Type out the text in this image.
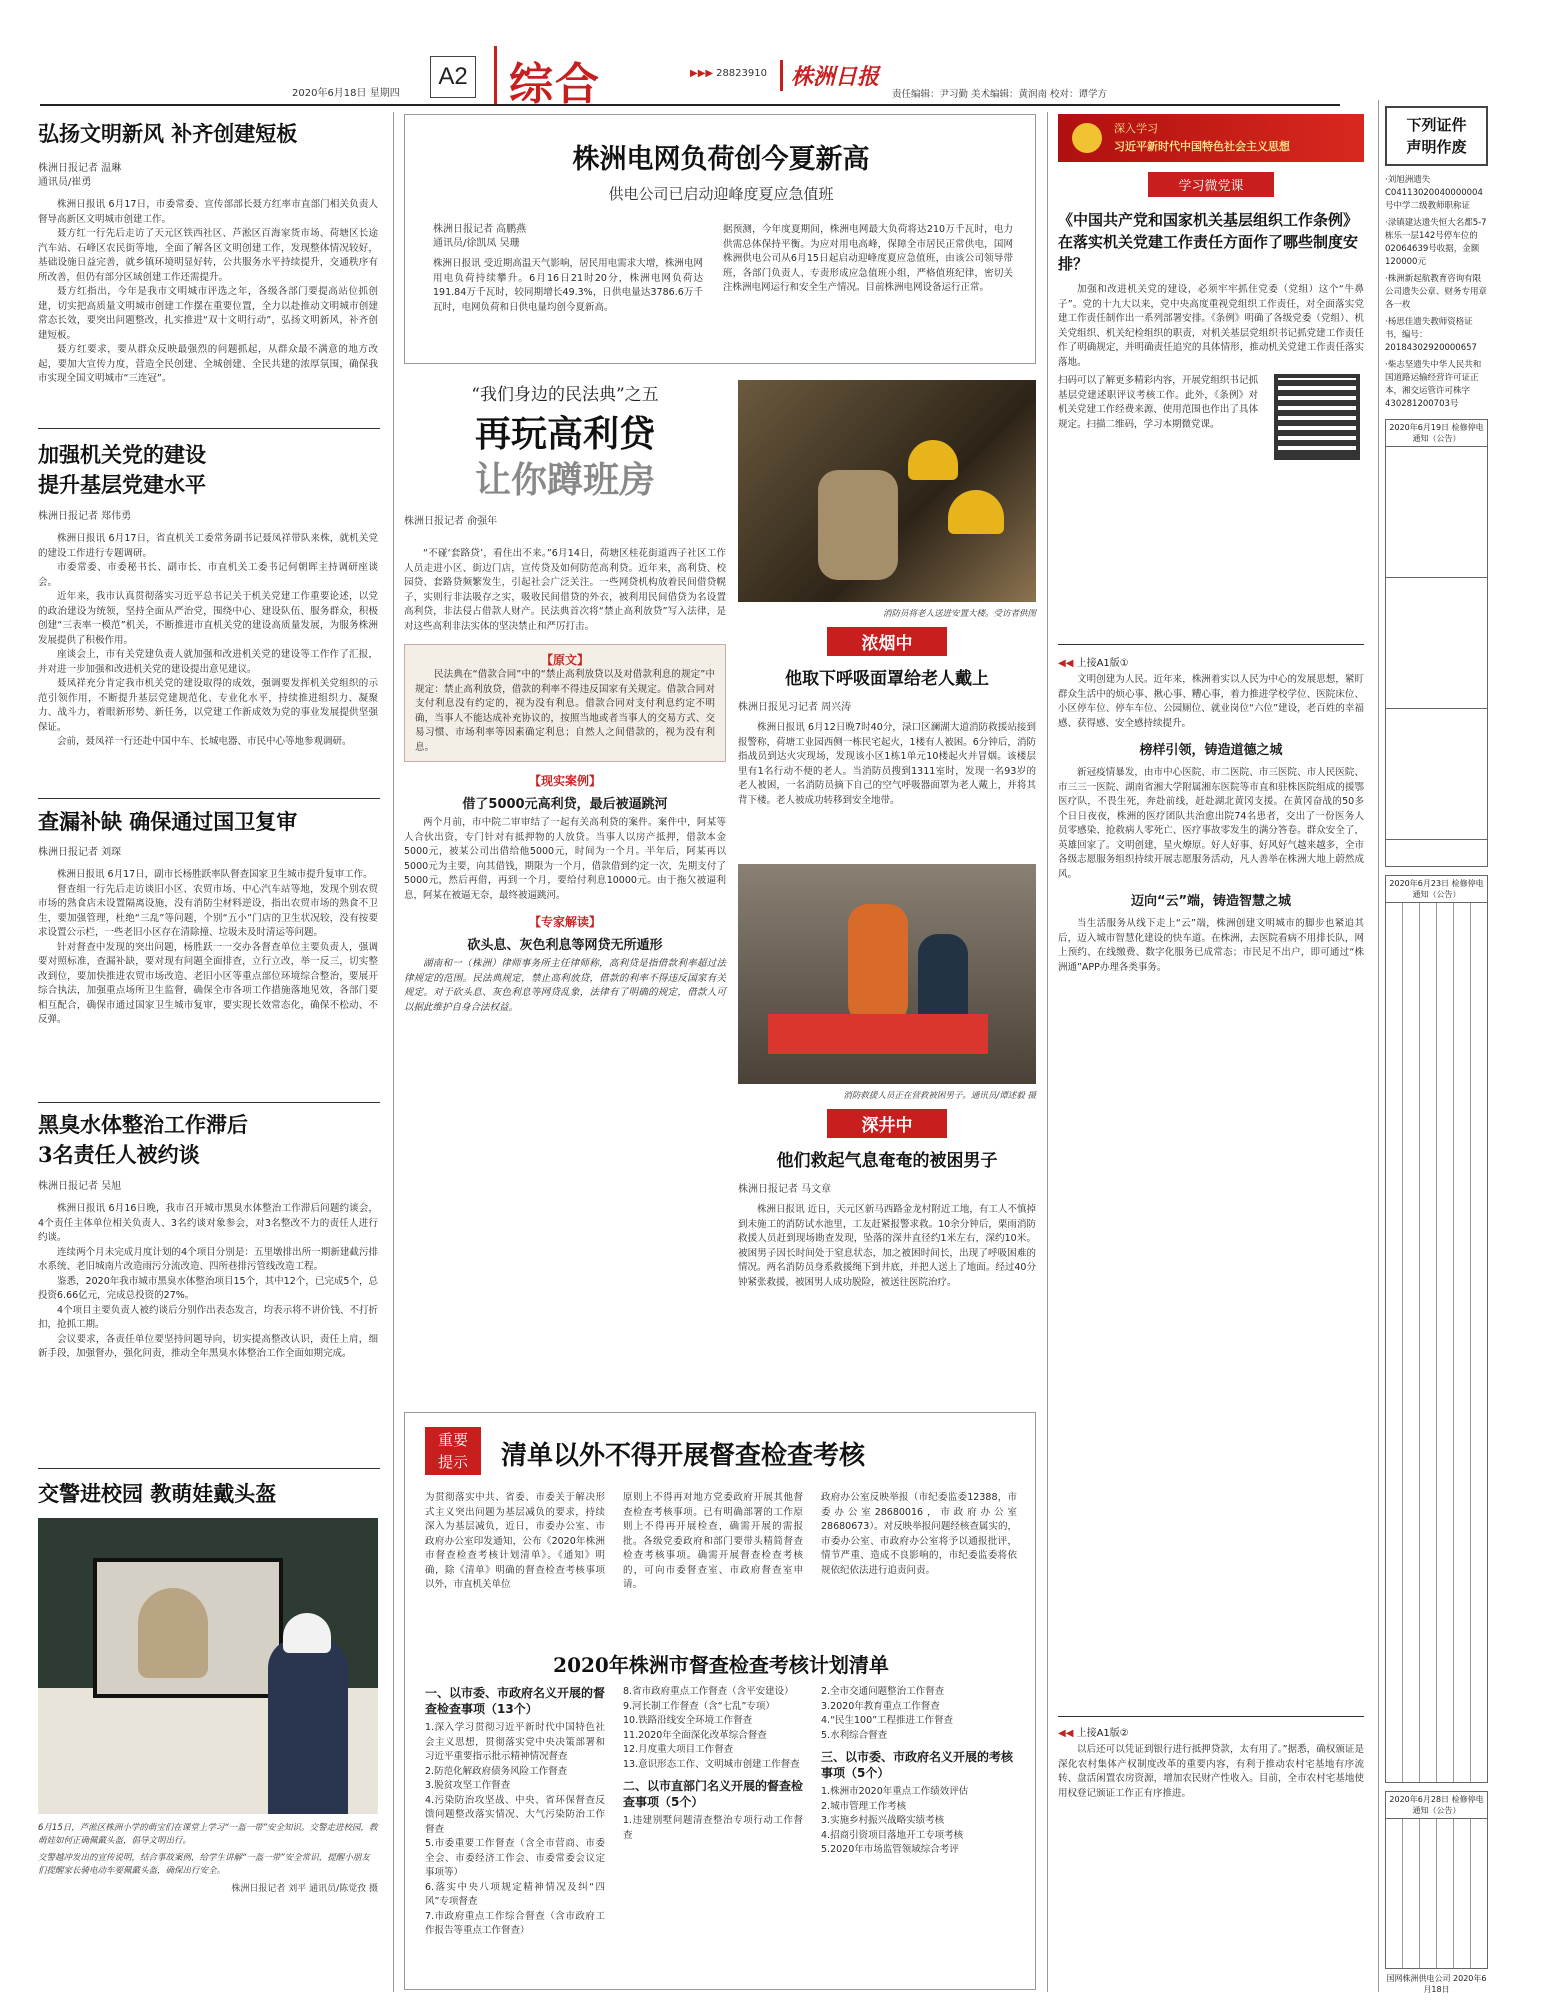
2020年6月18日 星期四
A2 综合	▶▶▶ 28823910	株洲日报
责任编辑：尹习勤 美术编辑：黄润南 校对：谭学方
弘扬文明新风 补齐创建短板
株洲日报记者 温琳
通讯员/崔勇

株洲日报讯 6月17日，市委常委、宣传部部长聂方红率市直部门相关负责人督导高新区文明城市创建工作。

聂方红一行先后走访了天元区铁西社区、芦淞区百海家货市场、荷塘区长途汽车站、石峰区农民街等地，全面了解各区文明创建工作，发现整体情况较好，基础设施日益完善，就乡镇环境明显好转，公共服务水平持续提升，交通秩序有所改善，但仍有部分区域创建工作还需提升。

聂方红指出，今年是我市文明城市评选之年，各级各部门要提高站位抓创建，切实把高质量文明城市创建工作摆在重要位置，全力以赴推动文明城市创建常态长效，要突出问题整改，扎实推进“双十文明行动”，弘扬文明新风，补齐创建短板。

聂方红要求，要从群众反映最强烈的问题抓起，从群众最不满意的地方改起，要加大宣传力度，营造全民创建、全城创建、全民共建的浓厚氛围，确保我市实现全国文明城市“三连冠”。

加强机关党的建设
提升基层党建水平
株洲日报记者 郑伟勇

株洲日报讯 6月17日，省直机关工委常务副书记聂凤祥带队来株，就机关党的建设工作进行专题调研。

市委常委、市委秘书长、副市长、市直机关工委书记何朝晖主持调研座谈会。

近年来，我市认真贯彻落实习近平总书记关于机关党建工作重要论述，以党的政治建设为统领，坚持全面从严治党，围绕中心、建设队伍、服务群众，积极创建“三表率一模范”机关，不断推进市直机关党的建设高质量发展，为服务株洲发展提供了积极作用。

座谈会上，市有关党建负责人就加强和改进机关党的建设等工作作了汇报，并对进一步加强和改进机关党的建设提出意见建议。

聂凤祥充分肯定我市机关党的建设取得的成效，强调要发挥机关党组织的示范引领作用，不断提升基层党建规范化、专业化水平，持续推进组织力、凝聚力、战斗力，着眼新形势、新任务，以党建工作新成效为党的事业发展提供坚强保证。

会前，聂凤祥一行还赴中国中车、长城电器、市民中心等地参观调研。

查漏补缺 确保通过国卫复审
株洲日报记者 刘琛

株洲日报讯 6月17日，副市长杨胜跃率队督查国家卫生城市提升复审工作。

督查组一行先后走访谈旧小区、农贸市场、中心汽车站等地，发现个别农贸市场的熟食店未设置隔离设施，没有消防尘材料逆设，指出农贸市场的熟食不卫生，要加强管理，杜绝“三乱”等问题，个别“五小”门店的卫生状况较，没有按要求设置公示栏，一些老旧小区存在清除撞、垃圾未及时清运等问题。

针对督查中发现的突出问题，杨胜跃一一交办各督查单位主要负责人，强调要对照标准，查漏补缺，要对现有问题全面排查，立行立改，举一反三，切实整改到位，要加快推进农贸市场改造、老旧小区等重点部位环境综合整治，要展开综合执法，加强重点场所卫生监督，确保全市各项工作措施落地见效，各部门要相互配合，确保市通过国家卫生城市复审，要实现长效常态化，确保不松动、不反弹。

黑臭水体整治工作滞后
3名责任人被约谈
株洲日报记者 吴旭

株洲日报讯 6月16日晚，我市召开城市黑臭水体整治工作滞后问题约谈会，4个责任主体单位相关负责人、3名约谈对象参会，对3名整改不力的责任人进行约谈。

连续两个月未完成月度计划的4个项目分别是：五里墩排出所一期新建截污排水系统、老旧城南片改造雨污分流改造、四所巷排污管线改造工程。

鉴悉，2020年我市城市黑臭水体整治项目15个，其中12个，已完成5个，总投资6.66亿元，完成总投资的27%。

4个项目主要负责人被约谈后分别作出表态发言，均表示将不讲价钱、不打折扣，抢抓工期。

会议要求，各责任单位要坚持问题导向，切实提高整改认识，责任上肩，细新手段，加强督办，强化问责，推动全年黑臭水体整治工作全面如期完成。

交警进校园 教萌娃戴头盔
6月15日，芦淞区株洲小学的萌宝们在课堂上学习“一盔一带”安全知识。交警走进校园，教萌娃如何正确佩戴头盔，倡导文明出行。
交警越冲发出的宣传说明，结合事故案例，给学生讲解“一盔一带”安全常识，提醒小朋友们提醒家长骑电动车要佩戴头盔，确保出行安全。
株洲日报记者 刘平 通讯员/陈觉孜 摄
株洲电网负荷创今夏新高
供电公司已启动迎峰度夏应急值班
株洲日报记者 高鹏燕
通讯员/徐凯凤 吴珊
株洲日报讯 受近期高温天气影响，居民用电需求大增，株洲电网用电负荷持续攀升。6月16日21时20分，株洲电网负荷达191.84万千瓦时，较同期增长49.3%，日供电量达3786.6万千瓦时，电网负荷和日供电量均创今夏新高。
据预测，今年度夏期间，株洲电网最大负荷将达210万千瓦时，电力供需总体保持平衡。为应对用电高峰，保障全市居民正常供电，国网株洲供电公司从6月15日起启动迎峰度夏应急值班，由该公司领导带班，各部门负责人、专责形成应急值班小组，严格值班纪律，密切关注株洲电网运行和安全生产情况。目前株洲电网设备运行正常。
“我们身边的民法典”之五
再玩高利贷
让你蹲班房
株洲日报记者 俞强年

“不碰‘套路贷’，看住出不来。”6月14日，荷塘区桂花街道西子社区工作人员走进小区、街边门店，宣传贷及如何防范高利贷。近年来，高利贷、校园贷、套路贷频繁发生，引起社会广泛关注。一些网贷机构放着民间借贷幌子，实则行非法吸存之实，吸收民间借贷的外衣，被利用民间借贷为名设置高利贷，非法侵占借款人财产。民法典首次将“禁止高利放贷”写入法律，是对这些高利非法实体的坚决禁止和严厉打击。

【原文】

民法典在“借款合同”中的“禁止高利放贷以及对借款利息的规定”中规定：禁止高利放贷，借款的利率不得违反国家有关规定。借款合同对支付利息没有约定的，视为没有利息。借款合同对支付利息约定不明确，当事人不能达成补充协议的，按照当地或者当事人的交易方式、交易习惯、市场利率等因素确定利息；自然人之间借款的，视为没有利息。

【现实案例】
借了5000元高利贷，最后被逼跳河

两个月前，市中院二审审结了一起有关高利贷的案件。案件中，阿某等人合伙出资，专门针对有抵押物的人放贷。当事人以房产抵押，借款本金5000元，被某公司出借给他5000元，时间为一个月。半年后，阿某再以5000元为主要，向其借钱，期限为一个月，借款借到约定一次，先期支付了5000元，然后再借，再到一个月，要给付利息10000元。由于拖欠被逼利息，阿某在被逼无奈，最终被逼跳河。

【专家解读】
砍头息、灰色利息等网贷无所遁形

湖南和一（株洲）律师事务所主任律师称，高利贷是指借款利率超过法律规定的范围。民法典规定，禁止高利放贷，借款的利率不得违反国家有关规定。对于砍头息、灰色利息等网贷乱象，法律有了明确的规定，借款人可以据此维护自身合法权益。

消防员将老人送进安置大楼。受访者供图
浓烟中
他取下呼吸面罩给老人戴上
株洲日报见习记者 周兴涛

株洲日报讯 6月12日晚7时40分，渌口区澜湖大道消防救援站接到报警称，荷塘工业园西侧一栋民宅起火，1楼有人被困。6分钟后，消防指战员到达火灾现场，发现该小区1栋1单元10楼起火并冒烟。该楼层里有1名行动不便的老人。当消防员搜到1311室时，发现一名93岁的老人被困，一名消防员摘下自己的空气呼吸器面罩为老人戴上，并将其背下楼。老人被成功转移到安全地带。

消防救援人员正在营救被困男子。通讯员/谭述毅 摄
深井中
他们救起气息奄奄的被困男子
株洲日报记者 马文章

株洲日报讯 近日，天元区新马西路金龙村附近工地，有工人不慎掉到未施工的消防试水池里，工友赶紧报警求救。10余分钟后，栗雨消防救援人员赶到现场勘查发现，坠落的深井直径约1米左右，深约10米。被困男子因长时间处于窒息状态，加之被困时间长，出现了呼吸困难的情况。两名消防员身系救援绳下到井底，并把人送上了地面。经过40分钟紧张救援，被困男人成功脱险，被送往医院治疗。

重要
提示	清单以外不得开展督查检查考核
为贯彻落实中共、省委、市委关于解决形式主义突出问题为基层减负的要求，持续深入为基层减负，近日，市委办公室、市政府办公室印发通知，公布《2020年株洲市督查检查考核计划清单》。《通知》明确，除《清单》明确的督查检查考核事项以外，市直机关单位
原则上不得再对地方党委政府开展其他督查检查考核事项。已有明确部署的工作原则上不得再开展检查，确需开展的需报批。各级党委政府和部门要带头精简督查检查考核事项。确需开展督查检查考核的，可向市委督查室、市政府督查室申请。
政府办公室反映举报（市纪委监委12388，市委办公室28680016，市政府办公室28680673）。对反映举报问题经核查属实的，市委办公室、市政府办公室将予以通报批评，情节严重、造成不良影响的，市纪委监委将依规依纪依法进行追责问责。
2020年株洲市督查检查考核计划清单
一、以市委、市政府名义开展的督查检查事项（13个）
1.深入学习贯彻习近平新时代中国特色社会主义思想，贯彻落实党中央决策部署和习近平重要指示批示精神情况督查
2.防范化解政府债务风险工作督查
3.脱贫攻坚工作督查
4.污染防治攻坚战、中央、省环保督查反馈问题整改落实情况、大气污染防治工作督查
5.市委重要工作督查（含全市营商、市委全会、市委经济工作会、市委常委会议定事项等）
6.落实中央八项规定精神情况及纠“四风”专项督查
7.市政府重点工作综合督查（含市政府工作报告等重点工作督查）
8.省市政府重点工作督查（含平安建设）
9.河长制工作督查（含“七乱”专项）
10.铁路沿线安全环境工作督查
11.2020年全面深化改革综合督查
12.月度重大项目工作督查
13.意识形态工作、文明城市创建工作督查
二、以市直部门名义开展的督查检查事项（5个）
1.违建别墅问题清查整治专项行动工作督查
2.全市交通问题整治工作督查
3.2020年教育重点工作督查
4.“民生100”工程推进工作督查
5.水利综合督查
三、以市委、市政府名义开展的考核事项（5个）
1.株洲市2020年重点工作绩效评估
2.城市管理工作考核
3.实施乡村振兴战略实绩考核
4.招商引资项目落地开工专项考核
5.2020年市场监管领域综合考评
深入学习
习近平新时代中国特色社会主义思想
学习微党课
《中国共产党和国家机关基层组织工作条例》在落实机关党建工作责任方面作了哪些制度安排？

加强和改进机关党的建设，必须牢牢抓住党委（党组）这个“牛鼻子”。党的十九大以来，党中央高度重视党组织工作责任，对全面落实党建工作责任制作出一系列部署安排。《条例》明确了各级党委（党组）、机关党组织、机关纪检组织的职责，对机关基层党组织书记抓党建工作责任作了明确规定，并明确责任追究的具体情形，推动机关党建工作责任落实落地。

扫码可以了解更多精彩内容，开展党组织书记抓基层党建述职评议考核工作。此外，《条例》对机关党建工作经费来源、使用范围也作出了具体规定。扫描二维码，学习本期微党课。
◀◀ 上接A1版①

文明创建为人民。近年来，株洲着实以人民为中心的发展思想，紧盯群众生活中的烦心事、揪心事、糟心事，着力推进学校学位、医院床位、小区停车位、停车车位、公园厕位、就业岗位“六位”建设，老百姓的幸福感、获得感、安全感持续提升。

榜样引领，铸造道德之城

新冠疫情暴发，由市中心医院、市二医院、市三医院、市人民医院、市三三一医院、湖南省湘大学附属湘东医院等市直和驻株医院组成的援鄂医疗队，不畏生死，奔赴前线，赶赴湖北黄冈支援。在黄冈奋战的50多个日日夜夜，株洲的医疗团队共治愈出院74名患者，交出了一份医务人员零感染、抢救病人零死亡、医疗事故零发生的满分答卷。群众安全了，英雄回家了。文明创建，星火燎原。好人好事、好风好气越来越多，全市各级志愿服务组织持续开展志愿服务活动，凡人善举在株洲大地上蔚然成风。

迈向“云”端，铸造智慧之城

当生活服务从线下走上“云”端，株洲创建文明城市的脚步也紧追其后，迈入城市智慧化建设的快车道。在株洲，去医院看病不用排长队，网上预约、在线缴费、数字化服务已成常态；市民足不出户，即可通过“株洲通”APP办理各类事务。

◀◀ 上接A1版②

以后还可以凭证到银行进行抵押贷款，太有用了。”据悉，确权颁证是深化农村集体产权制度改革的重要内容，有利于推动农村宅基地有序流转、盘活闲置农房资源，增加农民财产性收入。目前，全市农村宅基地使用权登记颁证工作正有序推进。

下列证件
声明作废
·刘旭洲遗失C04113020040000004号中学二级教师职称证
·渌镇建达遗失恒大名都5-7栋乐一层142号停车位的02064639号收据，金额120000元
·株洲新起航教育咨询有限公司遗失公章、财务专用章各一枚
·杨思佳遗失教师资格证书，编号：20184302920000657
·柴志坚遗失中华人民共和国道路运输经营许可证正本，湘交运管许可株字430281200703号
2020年6月19日 检修停电通知（公告）
2020年6月23日 检修停电通知（公告）
2020年6月28日 检修停电通知（公告）
国网株洲供电公司 2020年6月18日
